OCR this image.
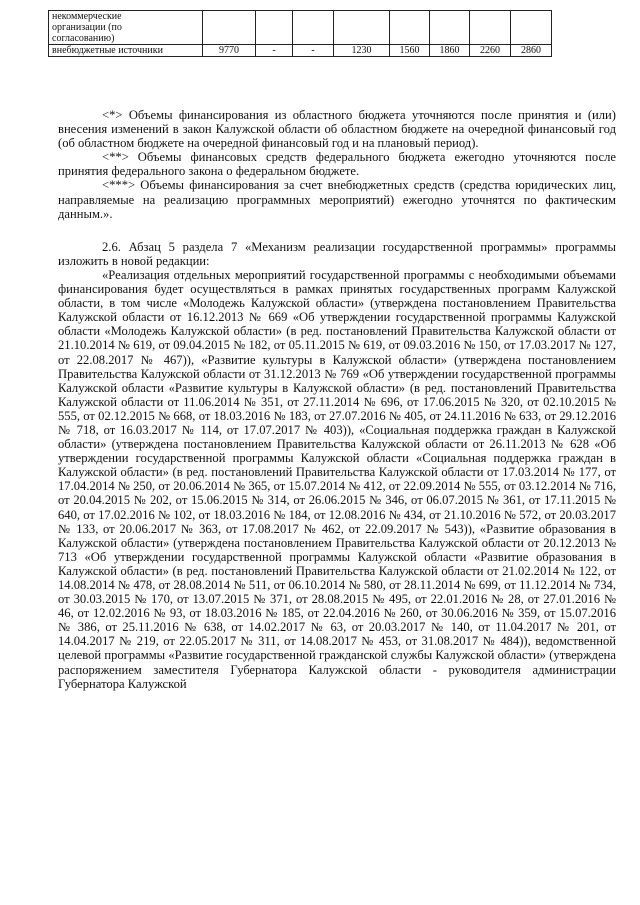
некоммерческие
организации (по
согласованию)								
внебюджетные источники	9770	-	-	1230	1560	1860	2260	2860

<*> Объемы финансирования из областного бюджета уточняются после принятия и (или) внесения изменений в закон Калужской области об областном бюджете на очередной финансовый год (об областном бюджете на очередной финансовый год и на плановый период).

<**> Объемы финансовых средств федерального бюджета ежегодно уточняются после принятия федерального закона о федеральном бюджете.

<***> Объемы финансирования за счет внебюджетных средств (средства юридических лиц, направляемые на реализацию программных мероприятий) ежегодно уточнятся по фактическим данным.».

2.6. Абзац 5 раздела 7 «Механизм реализации государственной программы» программы изложить в новой редакции:

«Реализация отдельных мероприятий государственной программы с необходимыми объемами финансирования будет осуществляться в рамках принятых государственных программ Калужской области, в том числе «Молодежь Калужской области» (утверждена постановлением Правительства Калужской области от 16.12.2013 № 669 «Об утверждении государственной программы Калужской области «Молодежь Калужской области» (в ред. постановлений Правительства Калужской области от 21.10.2014 № 619, от 09.04.2015 № 182, от 05.11.2015 № 619, от 09.03.2016 № 150, от 17.03.2017 № 127, от 22.08.2017 № 467)), «Развитие культуры в Калужской области» (утверждена постановлением Правительства Калужской области от 31.12.2013 № 769 «Об утверждении государственной программы Калужской области «Развитие культуры в Калужской области» (в ред. постановлений Правительства Калужской области от 11.06.2014 № 351, от 27.11.2014 № 696, от 17.06.2015 № 320, от 02.10.2015 № 555, от 02.12.2015 № 668, от 18.03.2016 № 183, от 27.07.2016 № 405, от 24.11.2016 № 633, от 29.12.2016 № 718, от 16.03.2017 № 114, от 17.07.2017 № 403)), «Социальная поддержка граждан в Калужской области» (утверждена постановлением Правительства Калужской области от 26.11.2013 № 628 «Об утверждении государственной программы Калужской области «Социальная поддержка граждан в Калужской области» (в ред. постановлений Правительства Калужской области от 17.03.2014 № 177, от 17.04.2014 № 250, от 20.06.2014 № 365, от 15.07.2014 № 412, от 22.09.2014 № 555, от 03.12.2014 № 716, от 20.04.2015 № 202, от 15.06.2015 № 314, от 26.06.2015 № 346, от 06.07.2015 № 361, от 17.11.2015 № 640, от 17.02.2016 № 102, от 18.03.2016 № 184, от 12.08.2016 № 434, от 21.10.2016 № 572, от 20.03.2017 № 133, от 20.06.2017 № 363, от 17.08.2017 № 462, от 22.09.2017 № 543)), «Развитие образования в Калужской области» (утверждена постановлением Правительства Калужской области от 20.12.2013 № 713 «Об утверждении государственной программы Калужской области «Развитие образования в Калужской области» (в ред. постановлений Правительства Калужской области от 21.02.2014 № 122, от 14.08.2014 № 478, от 28.08.2014 № 511, от 06.10.2014 № 580, от 28.11.2014 № 699, от 11.12.2014 № 734, от 30.03.2015 № 170, от 13.07.2015 № 371, от 28.08.2015 № 495, от 22.01.2016 № 28, от 27.01.2016 № 46, от 12.02.2016 № 93, от 18.03.2016 № 185, от 22.04.2016 № 260, от 30.06.2016 № 359, от 15.07.2016 № 386, от 25.11.2016 № 638, от 14.02.2017 № 63, от 20.03.2017 № 140, от 11.04.2017 № 201, от 14.04.2017 № 219, от 22.05.2017 № 311, от 14.08.2017 № 453, от 31.08.2017 № 484)), ведомственной целевой программы «Развитие государственной гражданской службы Калужской области» (утверждена распоряжением заместителя Губернатора Калужской области - руководителя администрации Губернатора Калужской
